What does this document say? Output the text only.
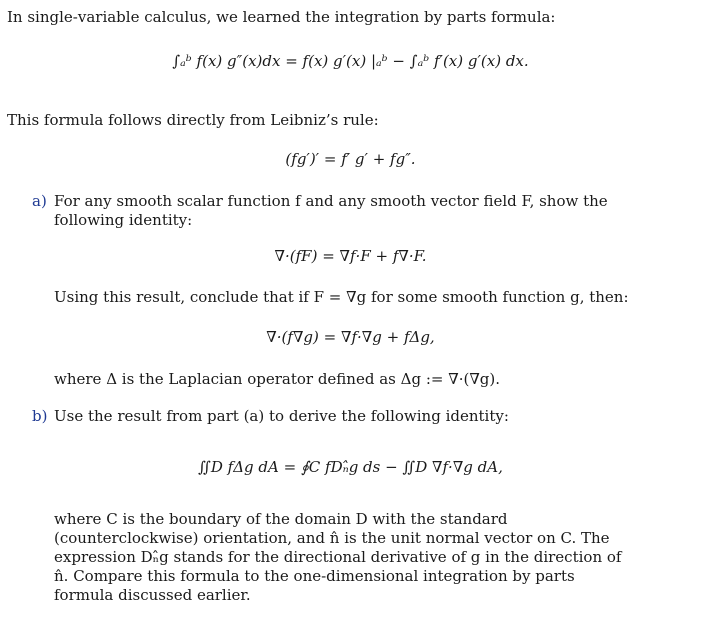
In single-variable calculus, we learned the integration by parts formula:
∫ₐᵇ f(x) g″(x)dx = f(x) g′(x) |ₐᵇ − ∫ₐᵇ f′(x) g′(x) dx.
This formula follows directly from Leibniz’s rule:
(fg′)′ = f′ g′ + fg″.
a) For any smooth scalar function f and any smooth vector field F, show the following identity:
∇·(fF) = ∇f·F + f∇·F.
Using this result, conclude that if F = ∇g for some smooth function g, then:
∇·(f∇g) = ∇f·∇g + fΔg,
where Δ is the Laplacian operator defined as Δg := ∇·(∇g).
b) Use the result from part (a) to derive the following identity:
∬D fΔg dA = ∮C fDₙ̂g ds − ∬D ∇f·∇g dA,
where C is the boundary of the domain D with the standard (counterclockwise) orientation, and n̂ is the unit normal vector on C. The expression Dₙ̂g stands for the directional derivative of g in the direction of n̂. Compare this formula to the one-dimensional integration by parts formula discussed earlier.
